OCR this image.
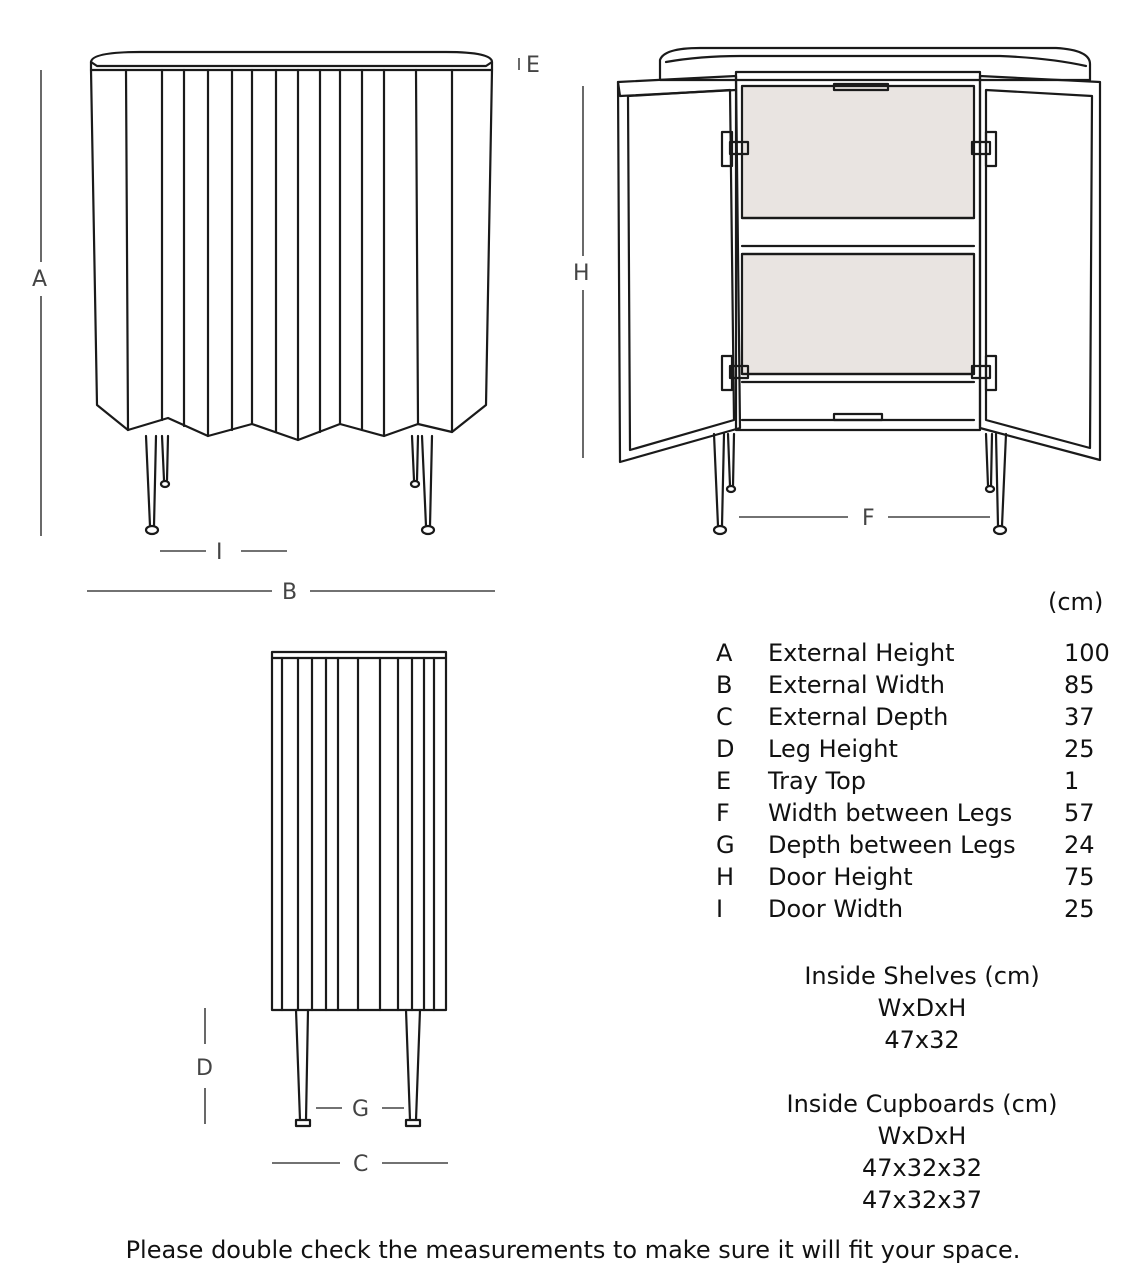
A
B
C
D
E
F
G
H
I
(cm)
A External Height	100
B External Width	85
C External Depth	37
D Leg Height	25
E Tray Top	1
F Width between Legs 57
G Depth between Legs 24
H Door Height	75
I Door Width	25
Inside Shelves (cm)
WxDxH
47x32
Inside Cupboards (cm)
WxDxH
47x32x32
47x32x37
Please double check the measurements to make sure it will fit your space.
